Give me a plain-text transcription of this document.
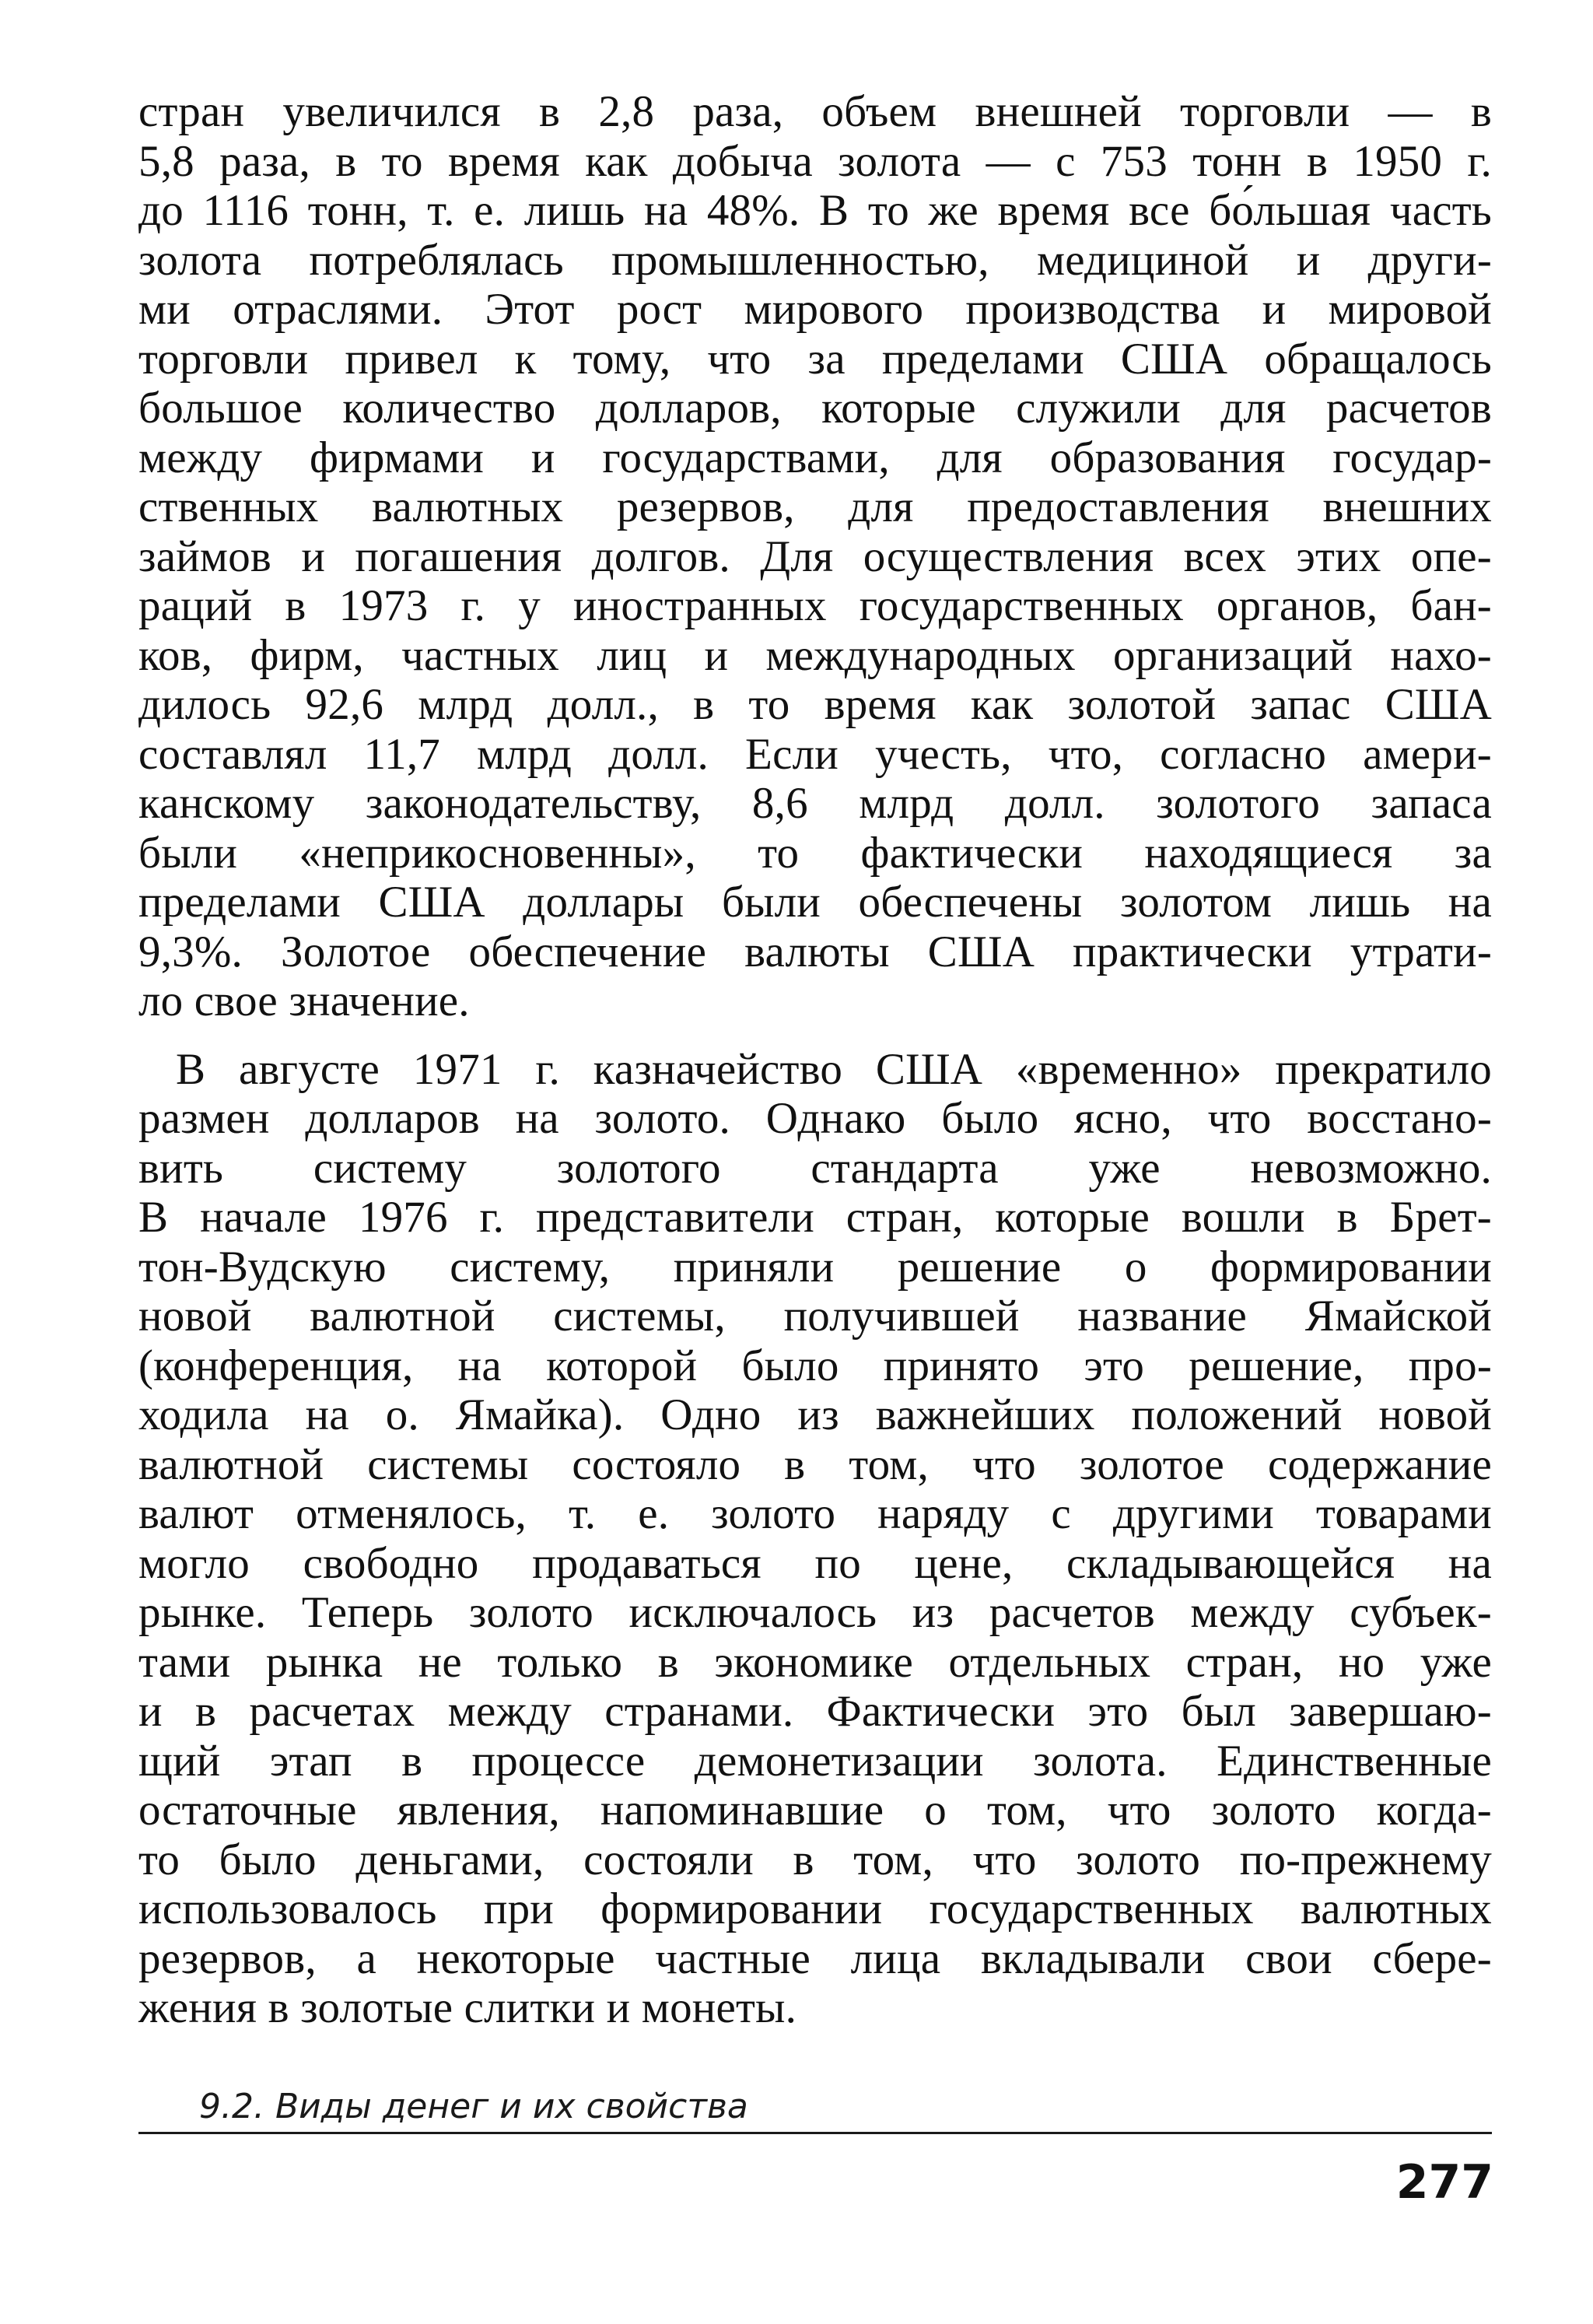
стран увеличился в 2,8 раза, объем внешней торговли — в
5,8 раза, в то время как добыча золота — с 753 тонн в 1950 г.
до 1116 тонн, т. е. лишь на 48%. В то же время все бо́льшая часть
золота потреблялась промышленностью, медициной и други-
ми отраслями. Этот рост мирового производства и мировой
торговли привел к тому, что за пределами США обращалось
большое количество долларов, которые служили для расчетов
между фирмами и государствами, для образования государ-
ственных валютных резервов, для предоставления внешних
займов и погашения долгов. Для осуществления всех этих опе-
раций в 1973 г. у иностранных государственных органов, бан-
ков, фирм, частных лиц и международных организаций нахо-
дилось 92,6 млрд долл., в то время как золотой запас США
составлял 11,7 млрд долл. Если учесть, что, согласно амери-
канскому законодательству, 8,6 млрд долл. золотого запаса
были «неприкосновенны», то фактически находящиеся за
пределами США доллары были обеспечены золотом лишь на
9,3%. Золотое обеспечение валюты США практически утрати-
ло свое значение.
В августе 1971 г. казначейство США «временно» прекратило
размен долларов на золото. Однако было ясно, что восстано-
вить систему золотого стандарта уже невозможно.
В начале 1976 г. представители стран, которые вошли в Брет-
тон-Вудскую систему, приняли решение о формировании
новой валютной системы, получившей название Ямайской
(конференция, на которой было принято это решение, про-
ходила на о. Ямайка). Одно из важнейших положений новой
валютной системы состояло в том, что золотое содержание
валют отменялось, т. е. золото наряду с другими товарами
могло свободно продаваться по цене, складывающейся на
рынке. Теперь золото исключалось из расчетов между субъек-
тами рынка не только в экономике отдельных стран, но уже
и в расчетах между странами. Фактически это был завершаю-
щий этап в процессе демонетизации золота. Единственные
остаточные явления, напоминавшие о том, что золото когда-
то было деньгами, состояли в том, что золото по-прежнему
использовалось при формировании государственных валютных
резервов, а некоторые частные лица вкладывали свои сбере-
жения в золотые слитки и монеты.
9.2. Виды денег и их свойства
277
